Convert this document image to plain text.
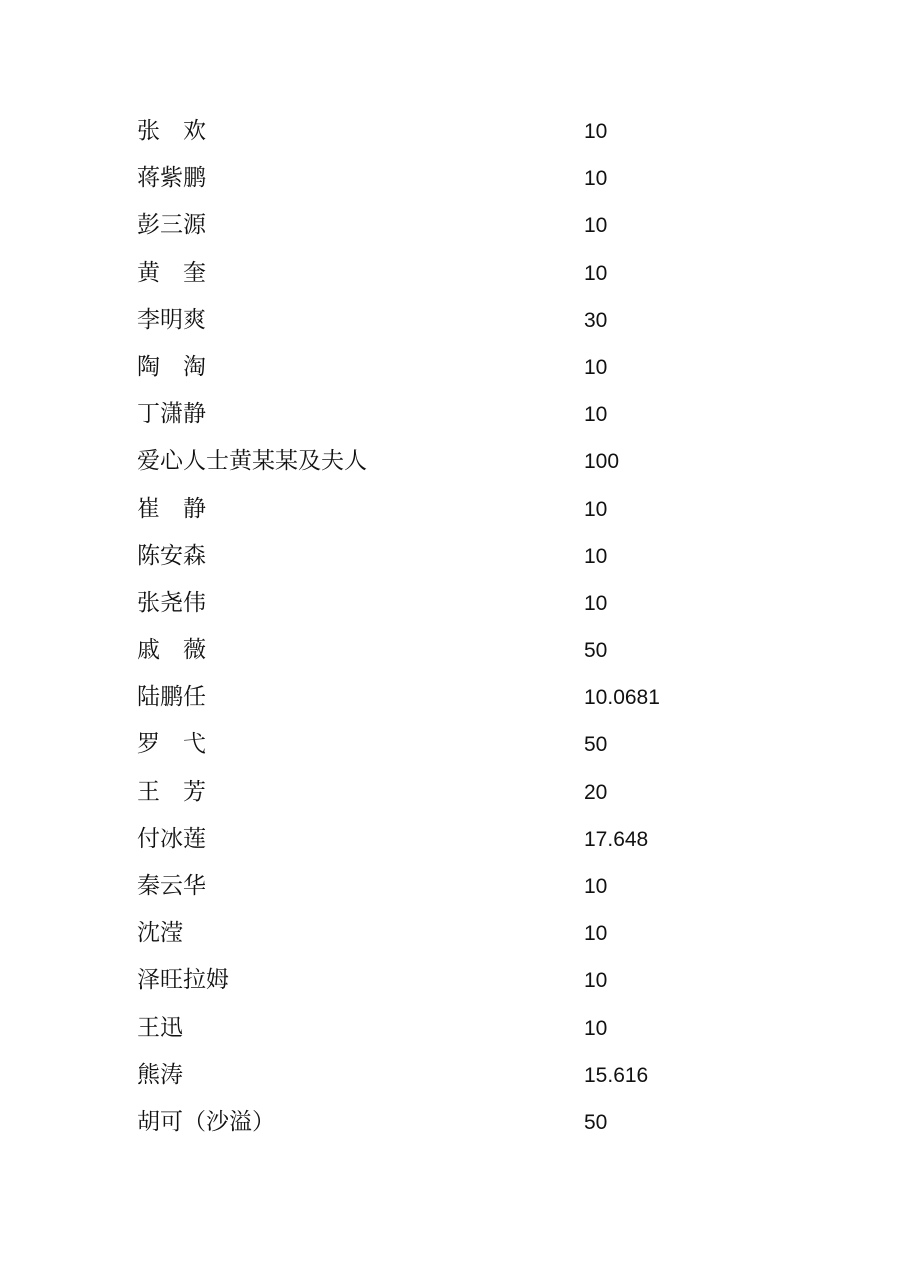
张　欢	10
蒋紫鹏	10
彭三源	10
黄　奎	10
李明爽	30
陶　淘	10
丁潇静	10
爱心人士黄某某及夫人	100
崔　静	10
陈安森	10
张尧伟	10
戚　薇	50
陆鹏任	10.0681
罗　弋	50
王　芳	20
付冰莲	17.648
秦云华	10
沈滢	10
泽旺拉姆	10
王迅	10
熊涛	15.616
胡可（沙溢）	50
